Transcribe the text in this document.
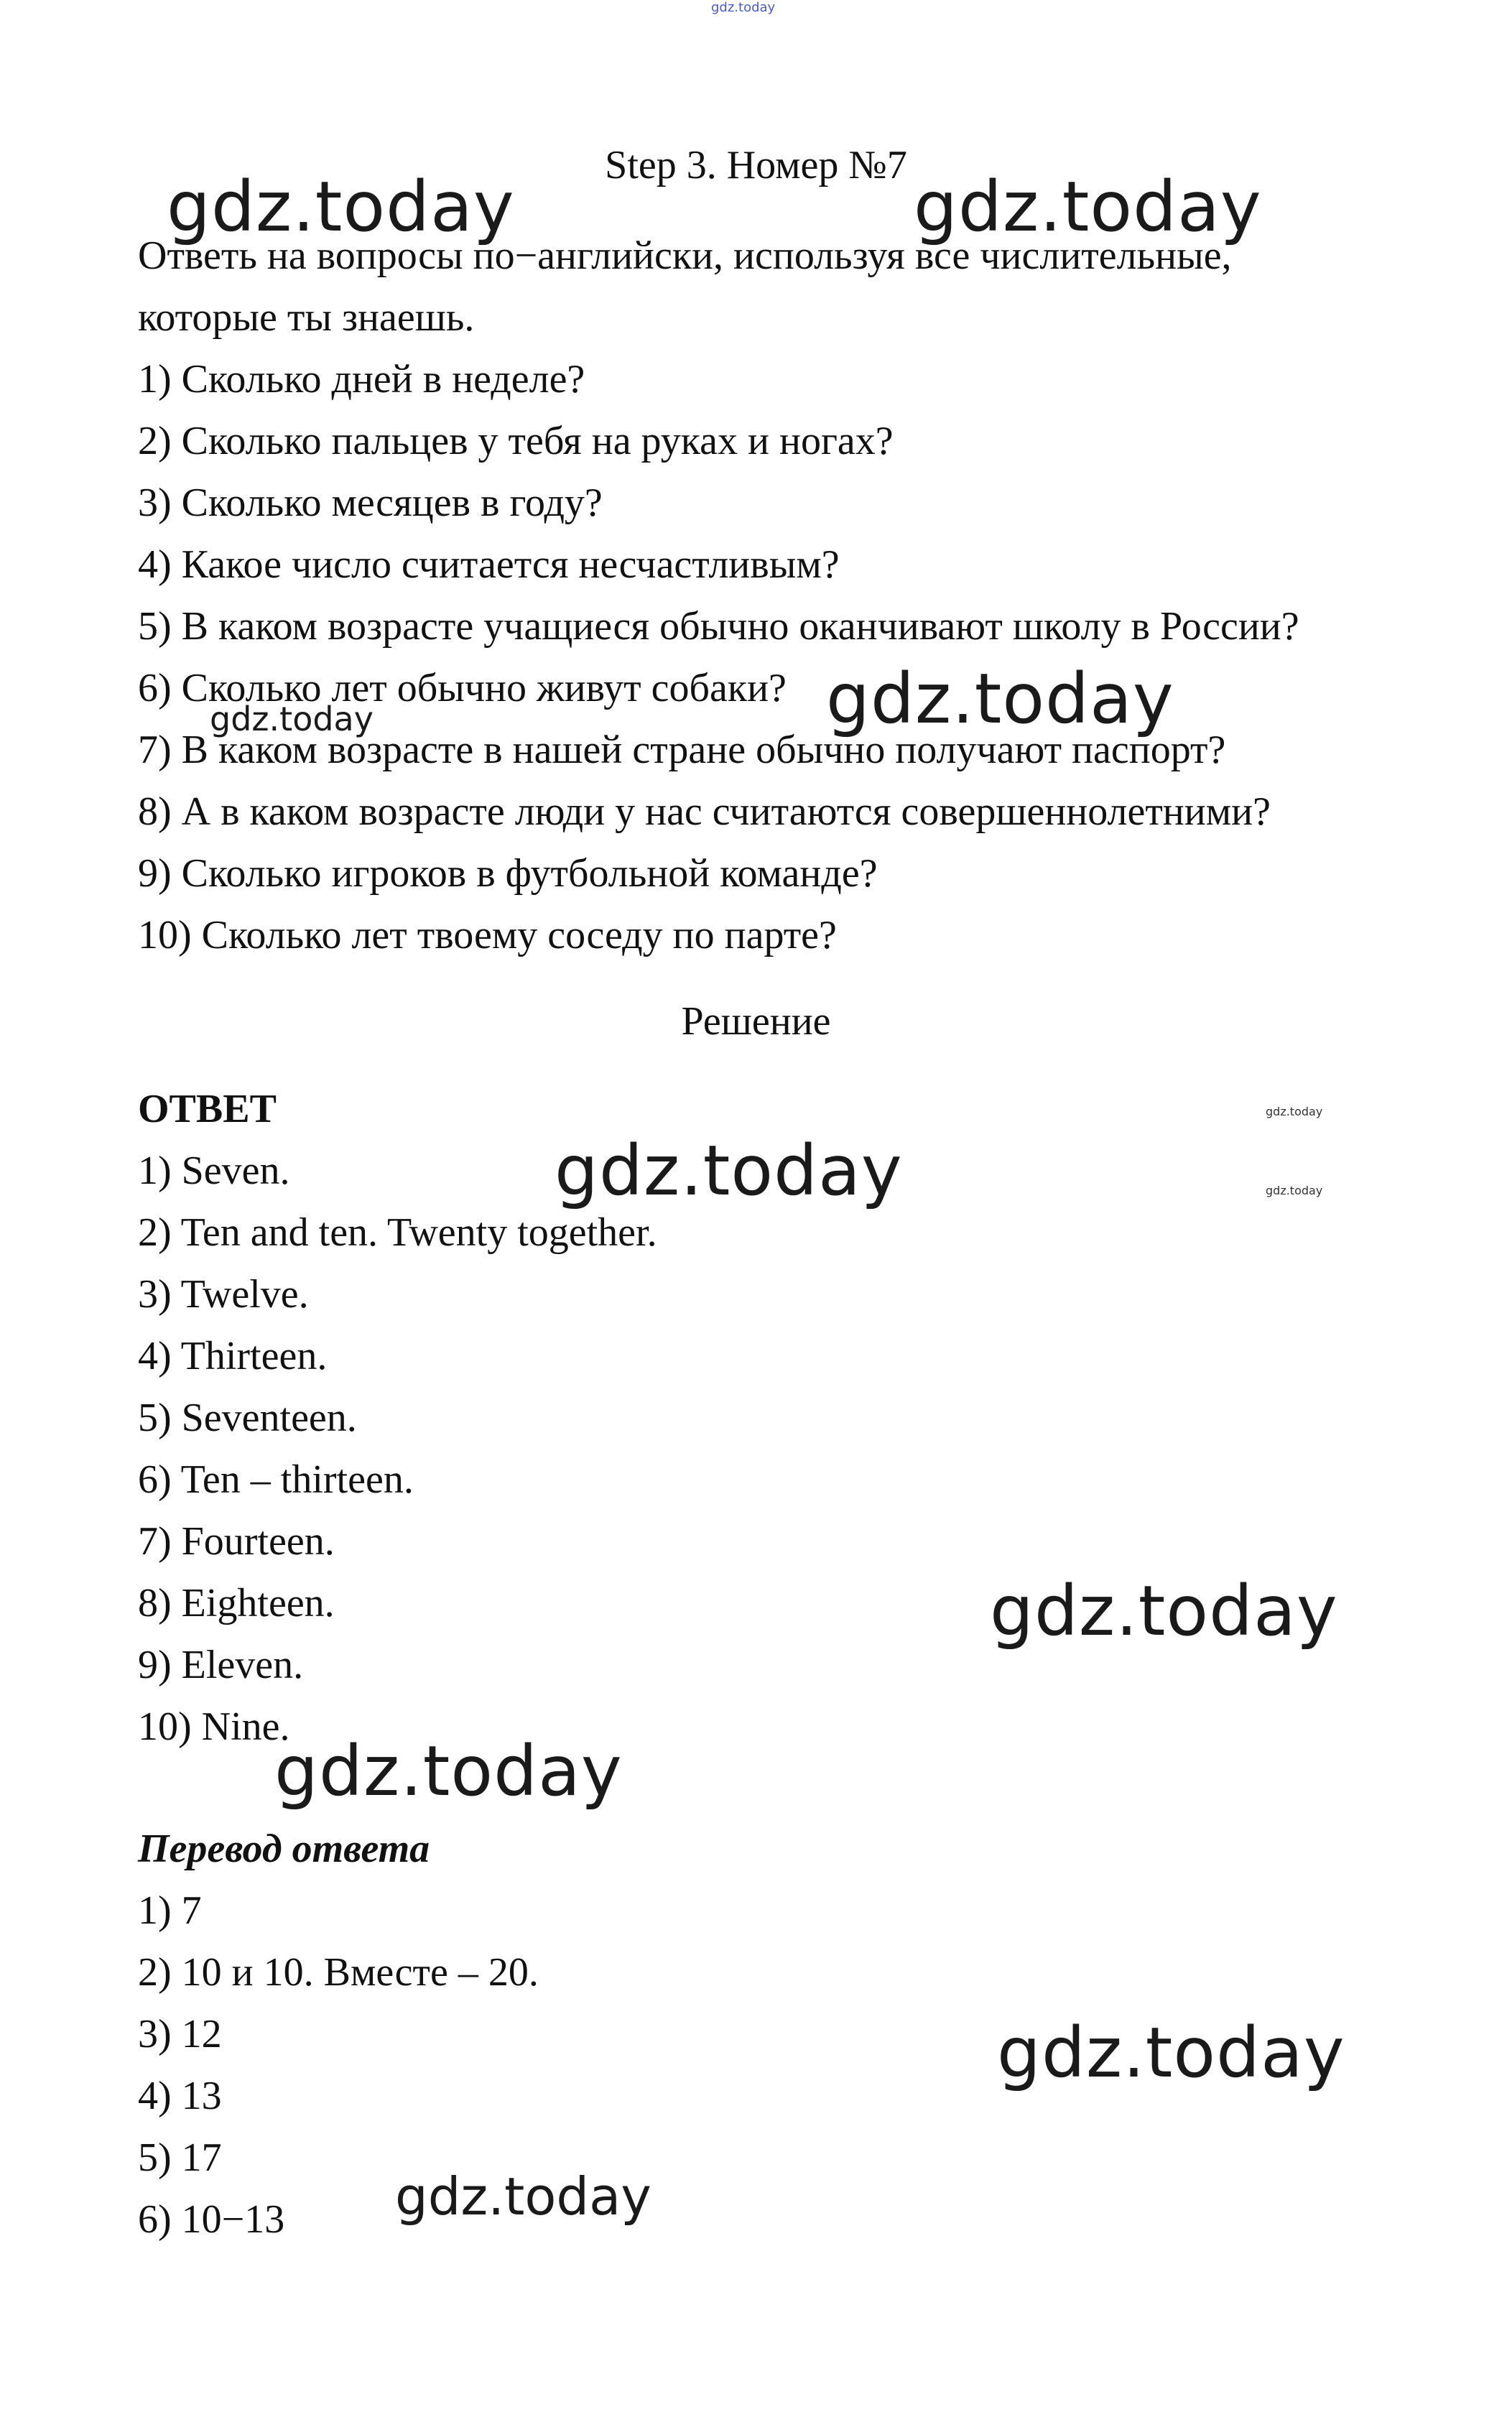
gdz.today
gdz.today	gdz.today
gdz.today
gdz.today
gdz.today
gdz.today
gdz.today
gdz.today
gdz.today
gdz.today
gdz.today
Step 3. Номер №7
Ответь на вопросы по−английски, используя все числительные,
которые ты знаешь.
1) Сколько дней в неделе?
2) Сколько пальцев у тебя на руках и ногах?
3) Сколько месяцев в году?
4) Какое число считается несчастливым?
5) В каком возрасте учащиеся обычно оканчивают школу в России?
6) Сколько лет обычно живут собаки?
7) В каком возрасте в нашей стране обычно получают паспорт?
8) А в каком возрасте люди у нас считаются совершеннолетними?
9) Сколько игроков в футбольной команде?
10) Сколько лет твоему соседу по парте?
Решение
ОТВЕТ
1) Seven.
2) Ten and ten. Twenty together.
3) Twelve.
4) Thirteen.
5) Seventeen.
6) Ten – thirteen.
7) Fourteen.
8) Eighteen.
9) Eleven.
10) Nine.
Перевод ответа
1) 7
2) 10 и 10. Вместе – 20.
3) 12
4) 13
5) 17
6) 10−13
